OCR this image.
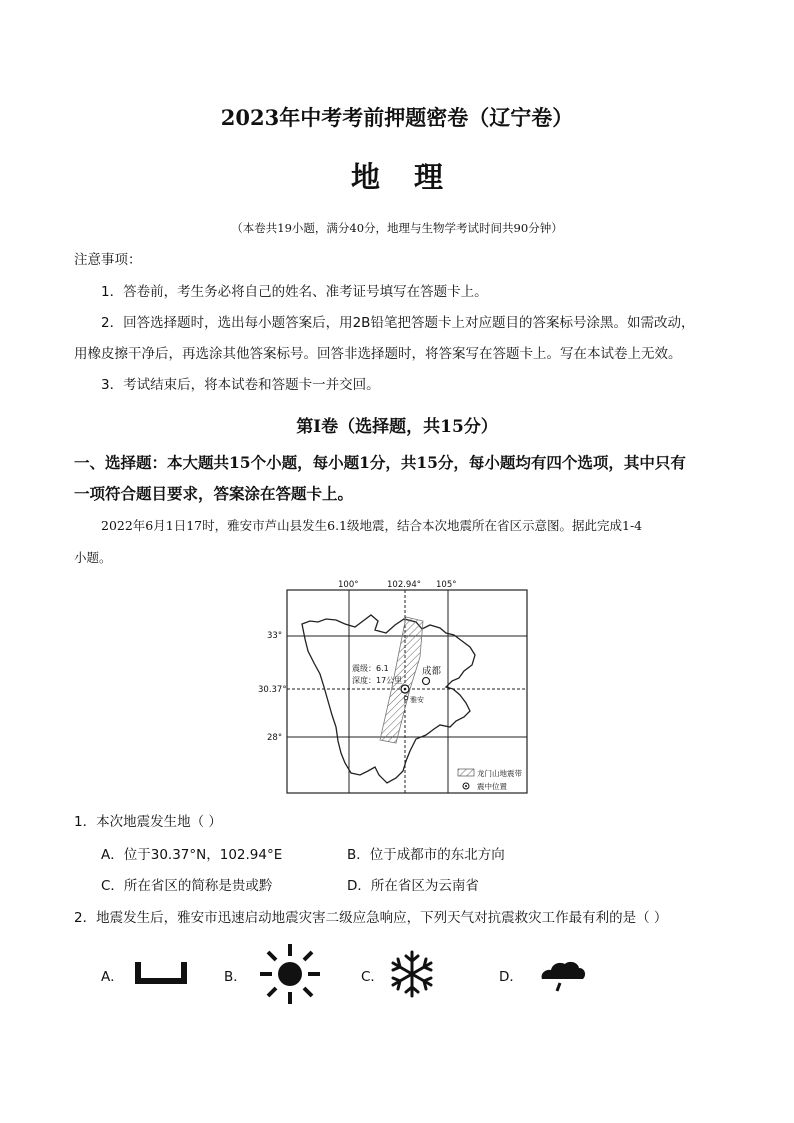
2023年中考考前押题密卷（辽宁卷）
地理
（本卷共19小题，满分40分，地理与生物学考试时间共90分钟）
注意事项：
1．答卷前，考生务必将自己的姓名、准考证号填写在答题卡上。
2．回答选择题时，选出每小题答案后，用2B铅笔把答题卡上对应题目的答案标号涂黑。如需改动，
用橡皮擦干净后，再选涂其他答案标号。回答非选择题时，将答案写在答题卡上。写在本试卷上无效。
3．考试结束后，将本试卷和答题卡一并交回。
第Ⅰ卷（选择题，共15分）
一、选择题：本大题共15个小题，每小题1分，共15分，每小题均有四个选项，其中只有
一项符合题目要求，答案涂在答题卡上。
2022年6月1日17时，雅安市芦山县发生6.1级地震，结合本次地震所在省区示意图。据此完成1-4
小题。
震级：6.1
深度：17公里
成都
雅安
100°	102.94° 105°
33°
30.37°
28°
龙门山地震带
震中位置
1．本次地震发生地（ ）
A．位于30.37°N，102.94°E	B．位于成都市的东北方向
C．所在省区的简称是贵或黔	D．所在省区为云南省
2．地震发生后，雅安市迅速启动地震灾害二级应急响应，下列天气对抗震救灾工作最有利的是（ ）
A．	B．	C．	D．
